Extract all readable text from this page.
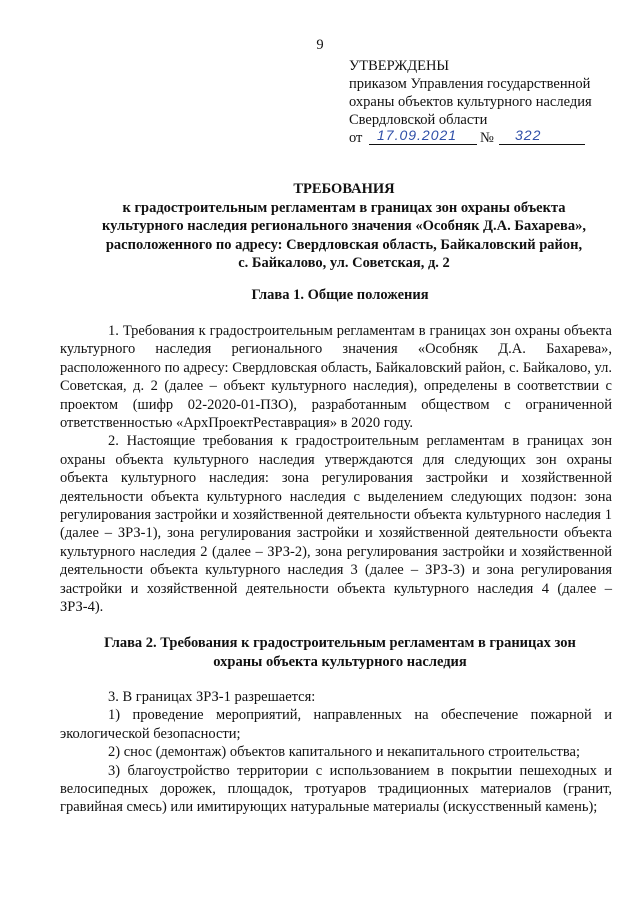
9
УТВЕРЖДЕНЫ
приказом Управления государственной
охраны объектов культурного наследия
Свердловской области
от 17.09.2021 № 322
ТРЕБОВАНИЯ
к градостроительным регламентам в границах зон охраны объекта
культурного наследия регионального значения «Особняк Д.А. Бахарева»,
расположенного по адресу: Свердловская область, Байкаловский район,
с. Байкалово, ул. Советская, д. 2
Глава 1. Общие положения

1. Требования к градостроительным регламентам в границах зон охраны объекта культурного наследия регионального значения «Особняк Д.А. Бахарева», расположенного по адресу: Свердловская область, Байкаловский район, с. Байкалово, ул. Советская, д. 2 (далее – объект культурного наследия), определены в соответствии с проектом (шифр 02-2020-01-ПЗО), разработанным обществом с ограниченной ответственностью «АрхПроектРеставрация» в 2020 году.

2. Настоящие требования к градостроительным регламентам в границах зон охраны объекта культурного наследия утверждаются для следующих зон охраны объекта культурного наследия: зона регулирования застройки и хозяйственной деятельности объекта культурного наследия с выделением следующих подзон: зона регулирования застройки и хозяйственной деятельности объекта культурного наследия 1 (далее – ЗРЗ-1), зона регулирования застройки и хозяйственной деятельности объекта культурного наследия 2 (далее – ЗРЗ-2), зона регулирования застройки и хозяйственной деятельности объекта культурного наследия 3 (далее – ЗРЗ-3) и зона регулирования застройки и хозяйственной деятельности объекта культурного наследия 4 (далее – ЗРЗ-4).

Глава 2. Требования к градостроительным регламентам в границах зон
охраны объекта культурного наследия

3. В границах ЗРЗ-1 разрешается:

1) проведение мероприятий, направленных на обеспечение пожарной и экологической безопасности;

2) снос (демонтаж) объектов капитального и некапитального строительства;

3) благоустройство территории с использованием в покрытии пешеходных и велосипедных дорожек, площадок, тротуаров традиционных материалов (гранит, гравийная смесь) или имитирующих натуральные материалы (искусственный камень);
